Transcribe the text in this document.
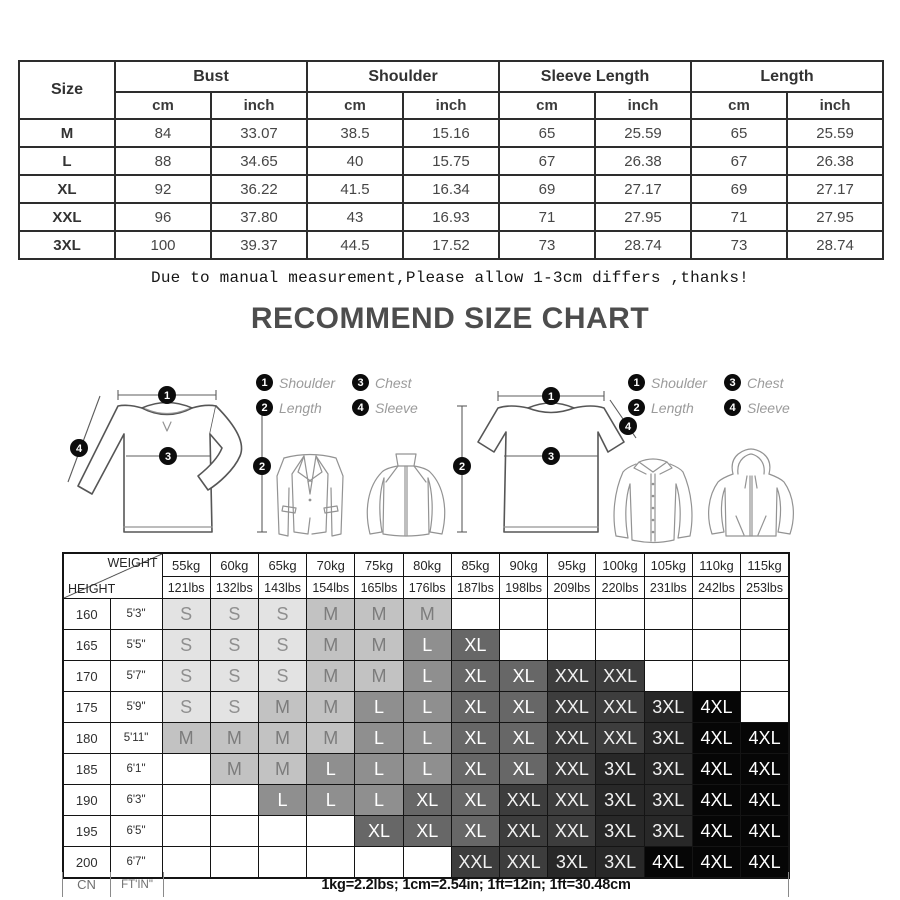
Size	Bust		Shoulder		Sleeve Length		Length	
	cm	inch	cm	inch	cm	inch	cm	inch
M	84	33.07	38.5	15.16	65	25.59	65	25.59
L	88	34.65	40	15.75	67	26.38	67	26.38
XL	92	36.22	41.5	16.34	69	27.17	69	27.17
XXL	96	37.80	43	16.93	71	27.95	71	27.95
3XL	100	39.37	44.5	17.52	73	28.74	73	28.74
Due to manual measurement,Please allow 1-3cm differs ,thanks!
RECOMMEND SIZE CHART
1
3
4
2
1 Shoulder	3 Chest
2 Length	4 Sleeve
1
3
4
2
1 Shoulder	3 Chest
2 Length	4 Sleeve
WEIGHT
HEIGHT		55kg	60kg	65kg	70kg	75kg	80kg	85kg	90kg	95kg	100kg	105kg	110kg	115kg
		121lbs	132lbs	143lbs	154lbs	165lbs	176lbs	187lbs	198lbs	209lbs	220lbs	231lbs	242lbs	253lbs
160	5'3"	S	S	S	M	M	M							
165	5'5"	S	S	S	M	M	L	XL						
170	5'7"	S	S	S	M	M	L	XL	XL	XXL	XXL			
175	5'9"	S	S	M	M	L	L	XL	XL	XXL	XXL	3XL	4XL	
180	5'11"	M	M	M	M	L	L	XL	XL	XXL	XXL	3XL	4XL	4XL
185	6'1"		M	M	L	L	L	XL	XL	XXL	3XL	3XL	4XL	4XL
190	6'3"			L	L	L	XL	XL	XXL	XXL	3XL	3XL	4XL	4XL
195	6'5"					XL	XL	XL	XXL	XXL	3XL	3XL	4XL	4XL
200	6'7"							XXL	XXL	3XL	3XL	4XL	4XL	4XL
CN	FT'IN"	1kg=2.2lbs; 1cm=2.54in; 1ft=12in; 1ft=30.48cm
